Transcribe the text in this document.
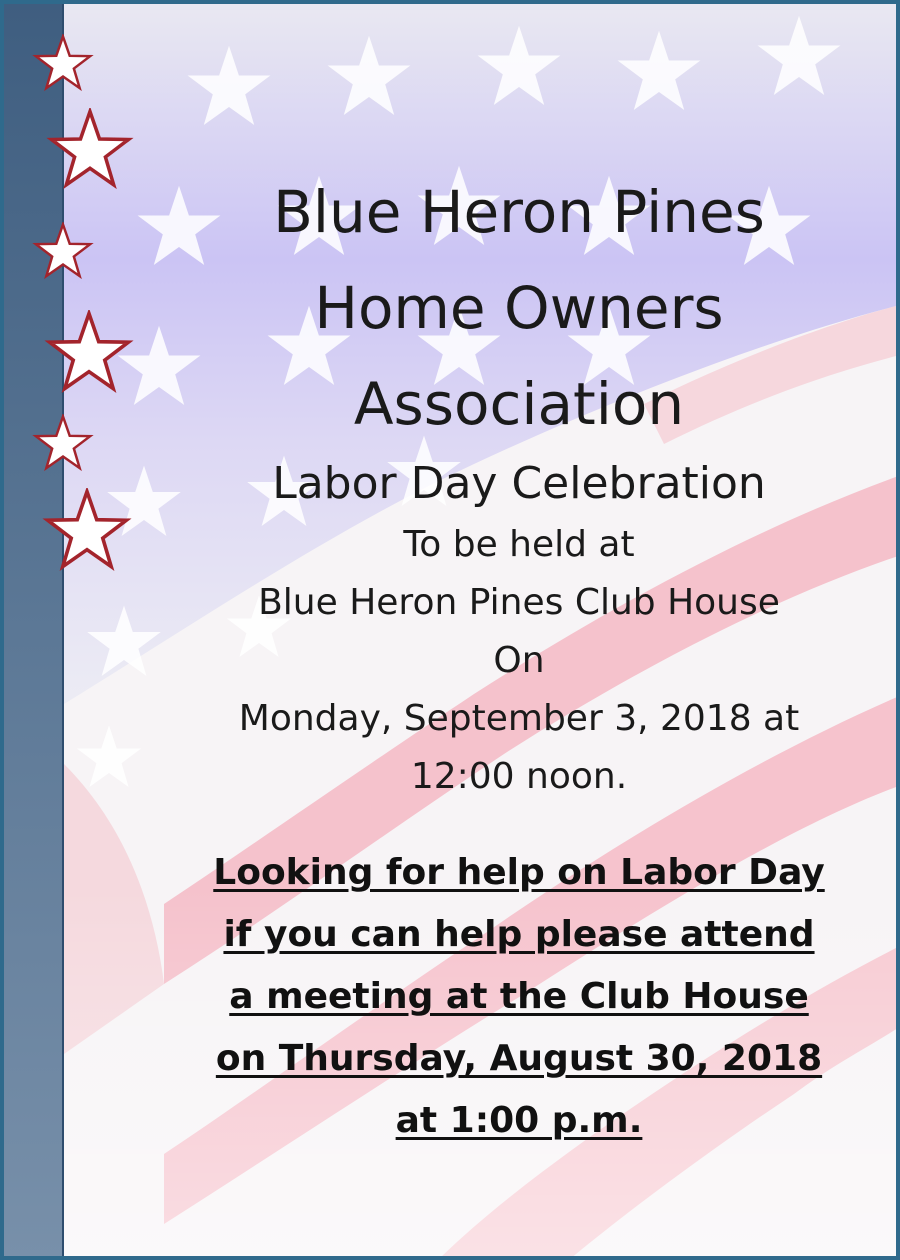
Blue Heron Pines

Home Owners

Association

Labor Day Celebration

To be held at

Blue Heron Pines Club House

On

Monday, September 3, 2018 at

12:00 noon.

Looking for help on Labor Day

if you can help please attend

a meeting at the Club House

on Thursday, August 30, 2018

at 1:00 p.m.
